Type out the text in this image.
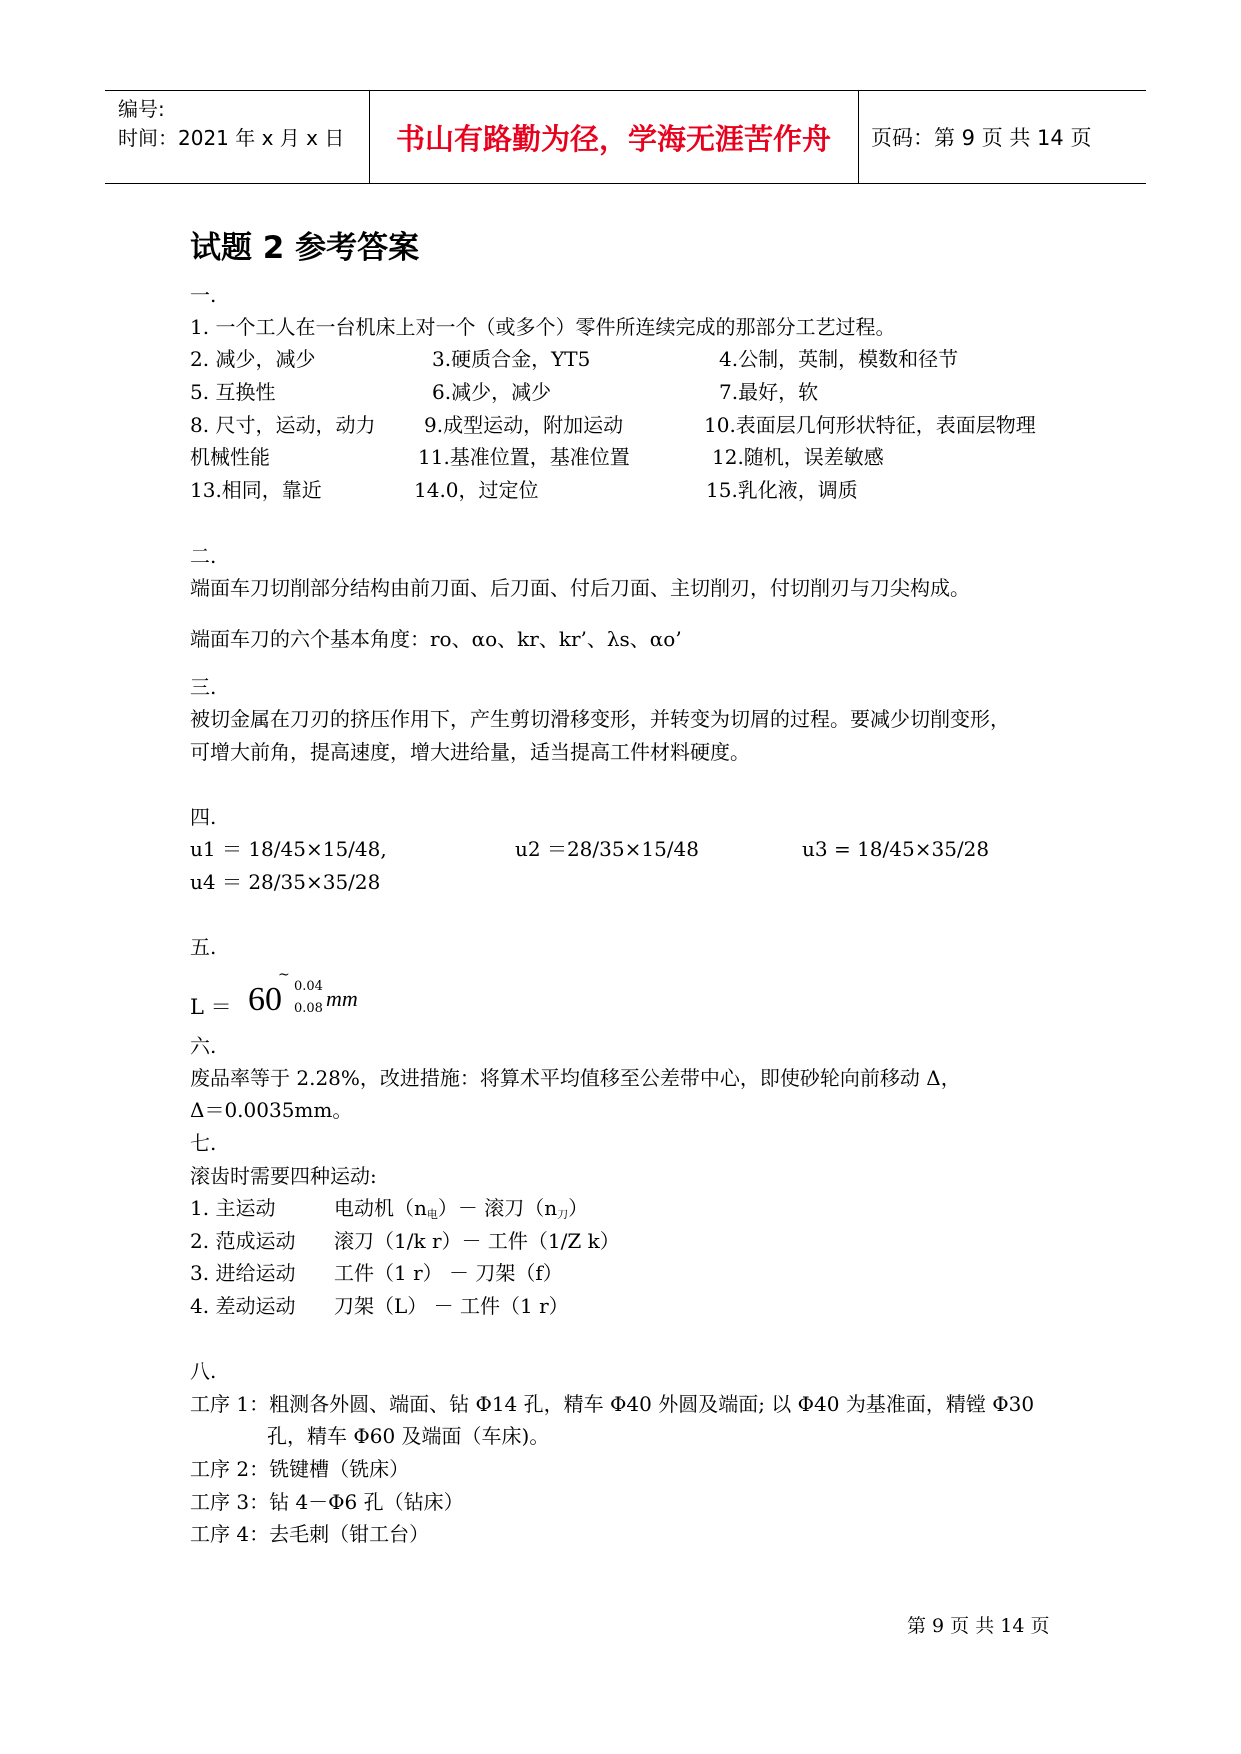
编号:
时间：2021 年 x 月 x 日	书山有路勤为径，学海无涯苦作舟	页码：第 9 页 共 14 页
试题 2 参考答案
一.
1. 一个工人在一台机床上对一个（或多个）零件所连续完成的那部分工艺过程。
2. 减少，减少	3.硬质合金，YT5	4.公制，英制，模数和径节
5. 互换性	6.减少，减少	7.最好，软
8. 尺寸，运动，动力 9.成型运动，附加运动	10.表面层几何形状特征，表面层物理
机械性能	11.基准位置，基准位置	12.随机，误差敏感
13.相同，靠近	14.0，过定位	15.乳化液，调质
二.
端面车刀切削部分结构由前刀面、后刀面、付后刀面、主切削刃，付切削刃与刀尖构成。
端面车刀的六个基本角度：ro、αo、kr、kr’、λs、αo’
三.
被切金属在刀刃的挤压作用下，产生剪切滑移变形，并转变为切屑的过程。要减少切削变形，
可增大前角，提高速度，增大进给量，适当提高工件材料硬度。
四.
u1 ＝ 18/45×15/48,	u2 ＝28/35×15/48	u3 = 18/45×35/28
u4 ＝ 28/35×35/28
五.
L ＝ 60
~
0.04
0.08 mm
六.
废品率等于 2.28%，改进措施：将算术平均值移至公差带中心，即使砂轮向前移动 Δ，
Δ＝0.0035mm。
七.
滚齿时需要四种运动:
1. 主运动	电动机$(n_电)-$ 滚刀$(n_刀)$
2. 范成运动 滚刀（1/k r）－ 工件（1/Z k）
3. 进给运动 工件（1 r） － 刀架（f）
4. 差动运动 刀架（L） － 工件（1 r）
八.
工序 1：粗测各外圆、端面、钻 Φ14 孔，精车 Φ40 外圆及端面; 以 Φ40 为基准面，精镗 Φ30
孔，精车 Φ60 及端面（车床)。
工序 2：铣键槽（铣床）
工序 3：钻 4－Φ6 孔（钻床）
工序 4：去毛刺（钳工台）
第 9 页 共 14 页
